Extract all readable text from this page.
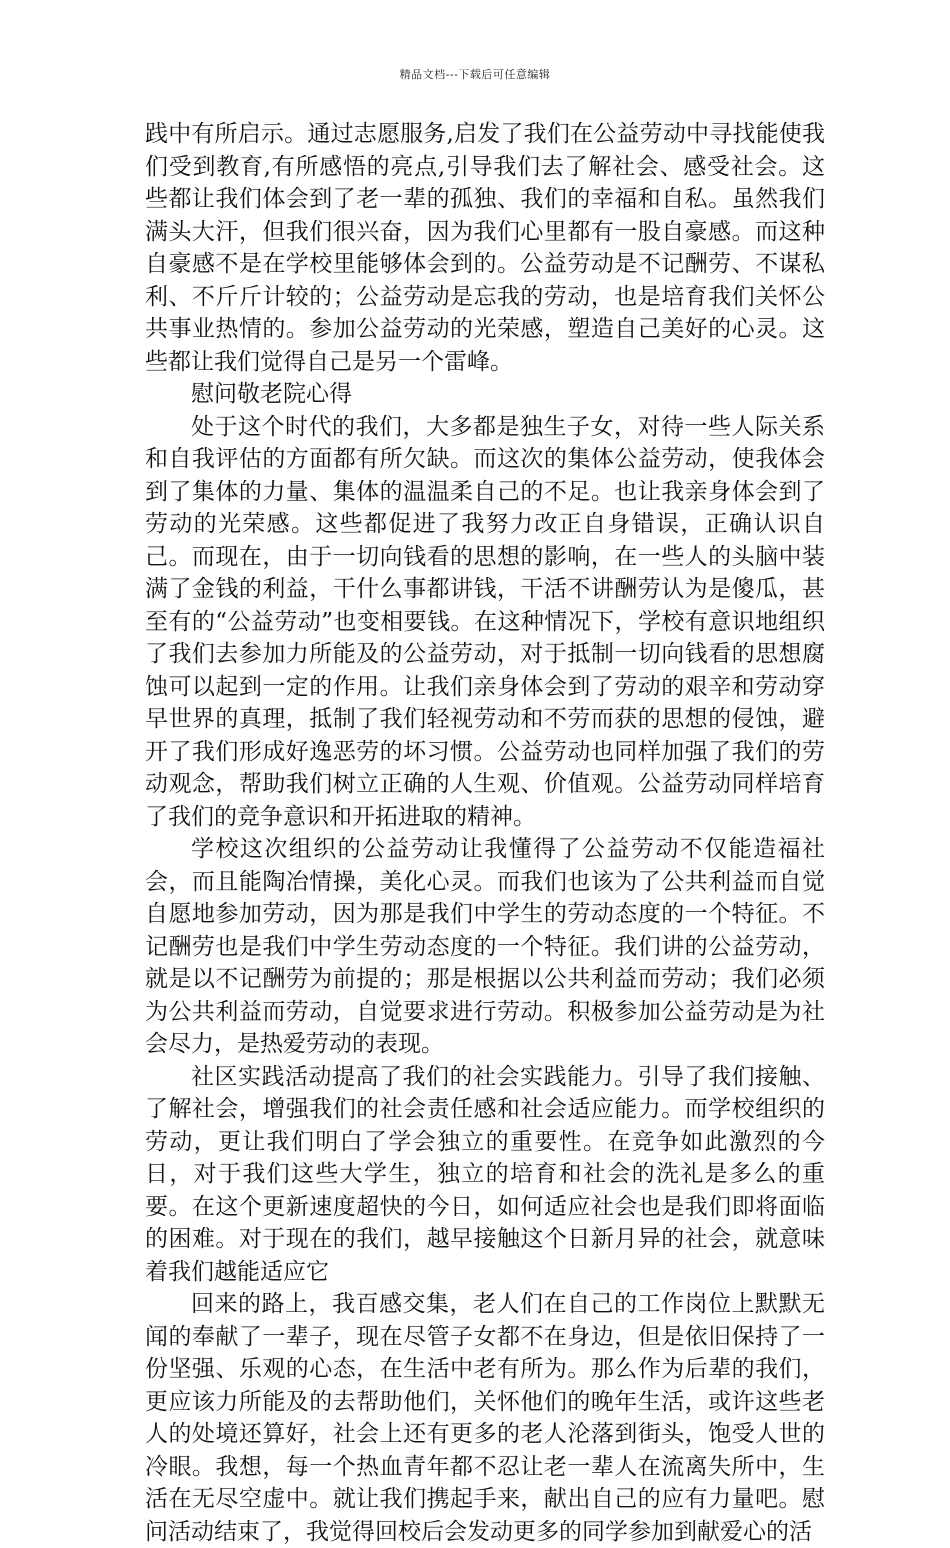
精品文档---下载后可任意编辑

践中有所启示。通过志愿服务,启发了我们在公益劳动中寻找能使我们受到教育,有所感悟的亮点,引导我们去了解社会、感受社会。这些都让我们体会到了老一辈的孤独、我们的幸福和自私。虽然我们满头大汗，但我们很兴奋，因为我们心里都有一股自豪感。而这种自豪感不是在学校里能够体会到的。公益劳动是不记酬劳、不谋私利、不斤斤计较的；公益劳动是忘我的劳动，也是培育我们关怀公共事业热情的。参加公益劳动的光荣感，塑造自己美好的心灵。这些都让我们觉得自己是另一个雷峰。

慰问敬老院心得

处于这个时代的我们，大多都是独生子女，对待一些人际关系和自我评估的方面都有所欠缺。而这次的集体公益劳动，使我体会到了集体的力量、集体的温温柔自己的不足。也让我亲身体会到了劳动的光荣感。这些都促进了我努力改正自身错误，正确认识自己。而现在，由于一切向钱看的思想的影响，在一些人的头脑中装满了金钱的利益，干什么事都讲钱，干活不讲酬劳认为是傻瓜，甚至有的“公益劳动”也变相要钱。在这种情况下，学校有意识地组织了我们去参加力所能及的公益劳动，对于抵制一切向钱看的思想腐蚀可以起到一定的作用。让我们亲身体会到了劳动的艰辛和劳动穿早世界的真理，抵制了我们轻视劳动和不劳而获的思想的侵蚀，避开了我们形成好逸恶劳的坏习惯。公益劳动也同样加强了我们的劳动观念，帮助我们树立正确的人生观、价值观。公益劳动同样培育了我们的竞争意识和开拓进取的精神。

学校这次组织的公益劳动让我懂得了公益劳动不仅能造福社会，而且能陶冶情操，美化心灵。而我们也该为了公共利益而自觉自愿地参加劳动，因为那是我们中学生的劳动态度的一个特征。不记酬劳也是我们中学生劳动态度的一个特征。我们讲的公益劳动，就是以不记酬劳为前提的；那是根据以公共利益而劳动；我们必须为公共利益而劳动，自觉要求进行劳动。积极参加公益劳动是为社会尽力，是热爱劳动的表现。

社区实践活动提高了我们的社会实践能力。引导了我们接触、了解社会，增强我们的社会责任感和社会适应能力。而学校组织的劳动，更让我们明白了学会独立的重要性。在竞争如此激烈的今日，对于我们这些大学生，独立的培育和社会的洗礼是多么的重要。在这个更新速度超快的今日，如何适应社会也是我们即将面临的困难。对于现在的我们，越早接触这个日新月异的社会，就意味着我们越能适应它

回来的路上，我百感交集，老人们在自己的工作岗位上默默无闻的奉献了一辈子，现在尽管子女都不在身边，但是依旧保持了一份坚强、乐观的心态，在生活中老有所为。那么作为后辈的我们，更应该力所能及的去帮助他们，关怀他们的晚年生活，或许这些老人的处境还算好，社会上还有更多的老人沦落到街头，饱受人世的冷眼。我想，每一个热血青年都不忍让老一辈人在流离失所中，生活在无尽空虚中。就让我们携起手来，献出自己的应有力量吧。慰问活动结束了，我觉得回校后会发动更多的同学参加到献爱心的活
